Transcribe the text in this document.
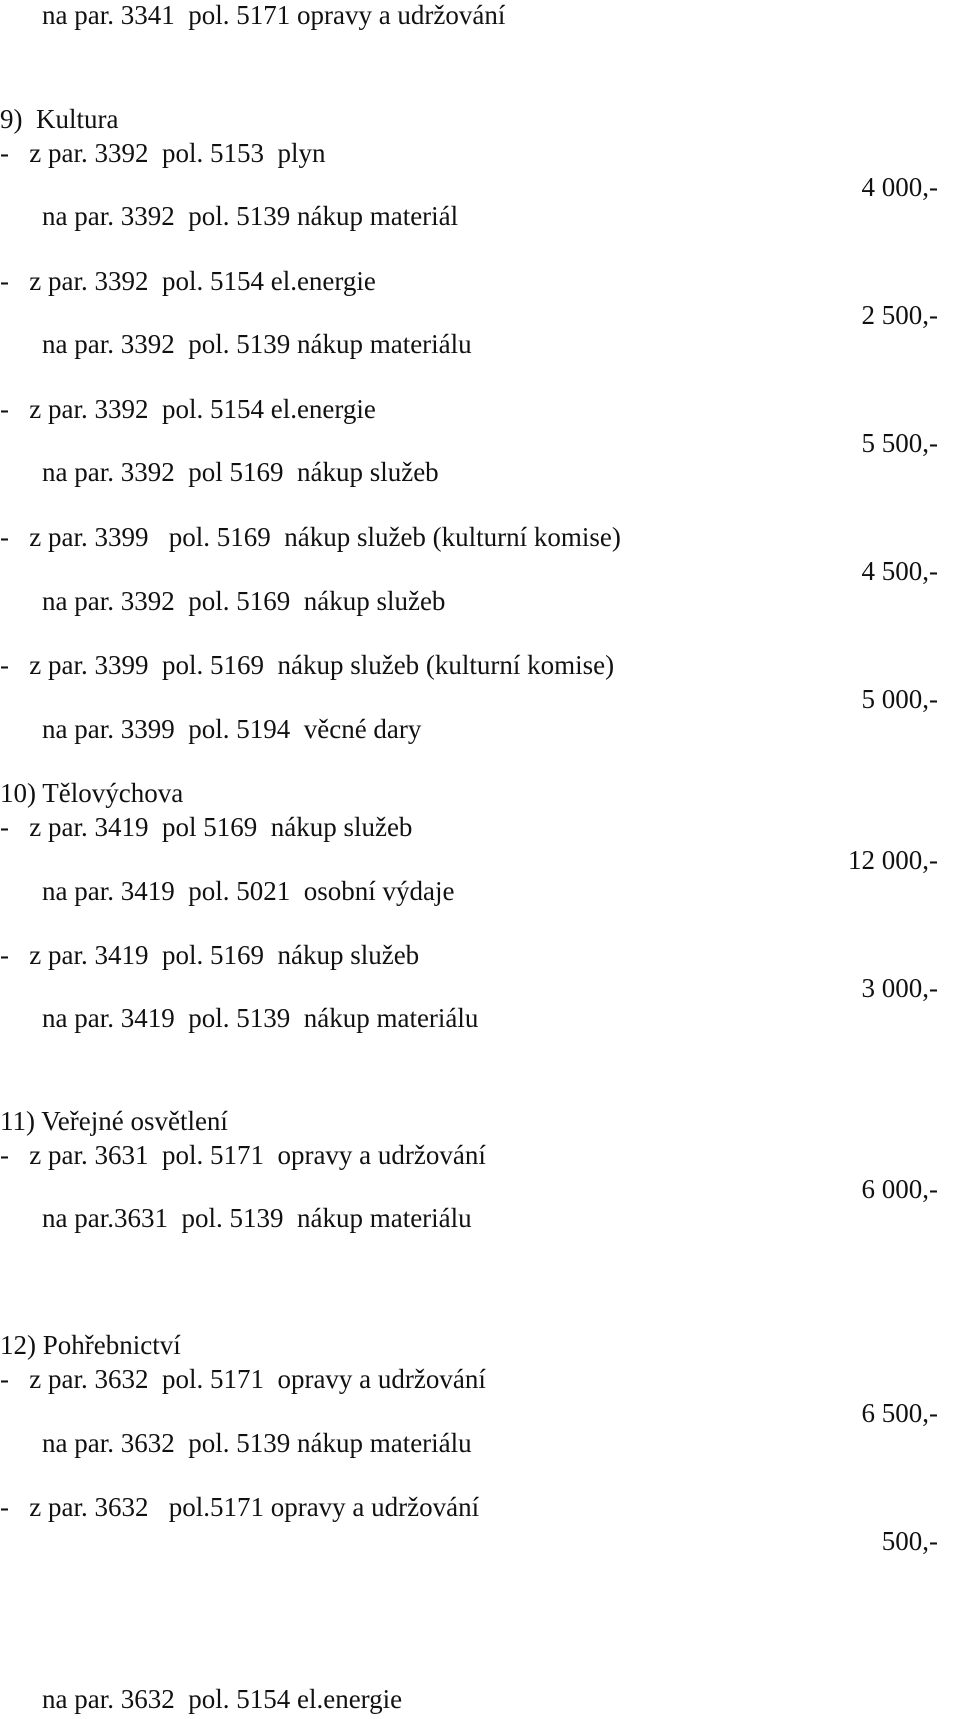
na par. 3341  pol. 5171 opravy a udržování
9)  Kultura
-   z par. 3392  pol. 5153  plyn
4 000,-
na par. 3392  pol. 5139 nákup materiál
-   z par. 3392  pol. 5154 el.energie
2 500,-
na par. 3392  pol. 5139 nákup materiálu
-   z par. 3392  pol. 5154 el.energie
5 500,-
na par. 3392  pol 5169  nákup služeb
-   z par. 3399   pol. 5169  nákup služeb (kulturní komise)
4 500,-
na par. 3392  pol. 5169  nákup služeb
-   z par. 3399  pol. 5169  nákup služeb (kulturní komise)
5 000,-
na par. 3399  pol. 5194  věcné dary
10) Tělovýchova
-   z par. 3419  pol 5169  nákup služeb
12 000,-
na par. 3419  pol. 5021  osobní výdaje
-   z par. 3419  pol. 5169  nákup služeb
3 000,-
na par. 3419  pol. 5139  nákup materiálu
11) Veřejné osvětlení
-   z par. 3631  pol. 5171  opravy a udržování
6 000,-
na par.3631  pol. 5139  nákup materiálu
12) Pohřebnictví
-   z par. 3632  pol. 5171  opravy a udržování
6 500,-
na par. 3632  pol. 5139 nákup materiálu
-   z par. 3632   pol.5171 opravy a udržování
500,-
na par. 3632  pol. 5154 el.energie
